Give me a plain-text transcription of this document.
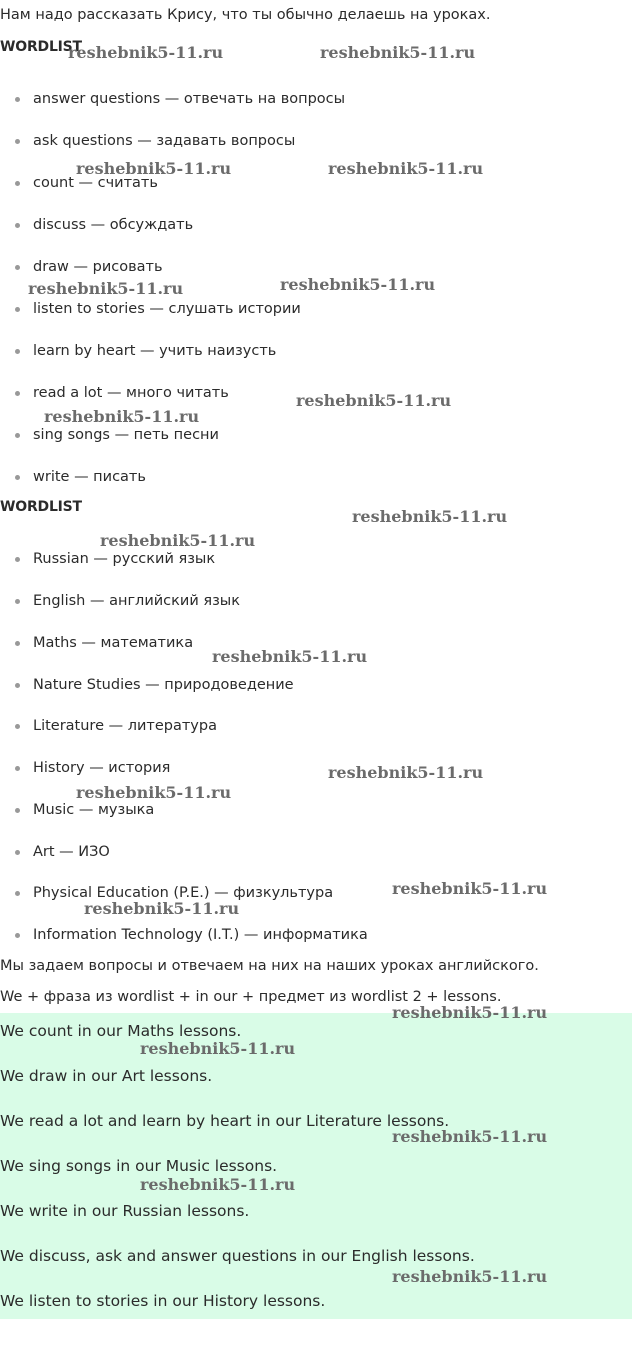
Нам надо рассказать Крису, что ты обычно делаешь на уроках.
WORDLIST
answer questions — отвечать на вопросы
ask questions — задавать вопросы
count — считать
discuss — обсуждать
draw — рисовать
listen to stories — слушать истории
learn by heart — учить наизусть
read a lot — много читать
sing songs — петь песни
write — писать
WORDLIST
Russian — русский язык
English — английский язык
Maths — математика
Nature Studies — природоведение
Literature — литература
History — история
Music — музыка
Art — ИЗО
Physical Education (P.E.) — физкультура
Information Technology (I.T.) — информатика
Мы задаем вопросы и отвечаем на них на наших уроках английского.
We + фраза из wordlist + in our + предмет из wordlist 2 + lessons.
We count in our Maths lessons.
We draw in our Art lessons.
We read a lot and learn by heart in our Literature lessons.
We sing songs in our Music lessons.
We write in our Russian lessons.
We discuss, ask and answer questions in our English lessons.
We listen to stories in our History lessons.
reshebnik5-11.ru	reshebnik5-11.ru
reshebnik5-11.ru	reshebnik5-11.ru
reshebnik5-11.ru	reshebnik5-11.ru
reshebnik5-11.ru
reshebnik5-11.ru
reshebnik5-11.ru
reshebnik5-11.ru
reshebnik5-11.ru
reshebnik5-11.ru
reshebnik5-11.ru
reshebnik5-11.ru
reshebnik5-11.ru
reshebnik5-11.ru
reshebnik5-11.ru
reshebnik5-11.ru
reshebnik5-11.ru
reshebnik5-11.ru
